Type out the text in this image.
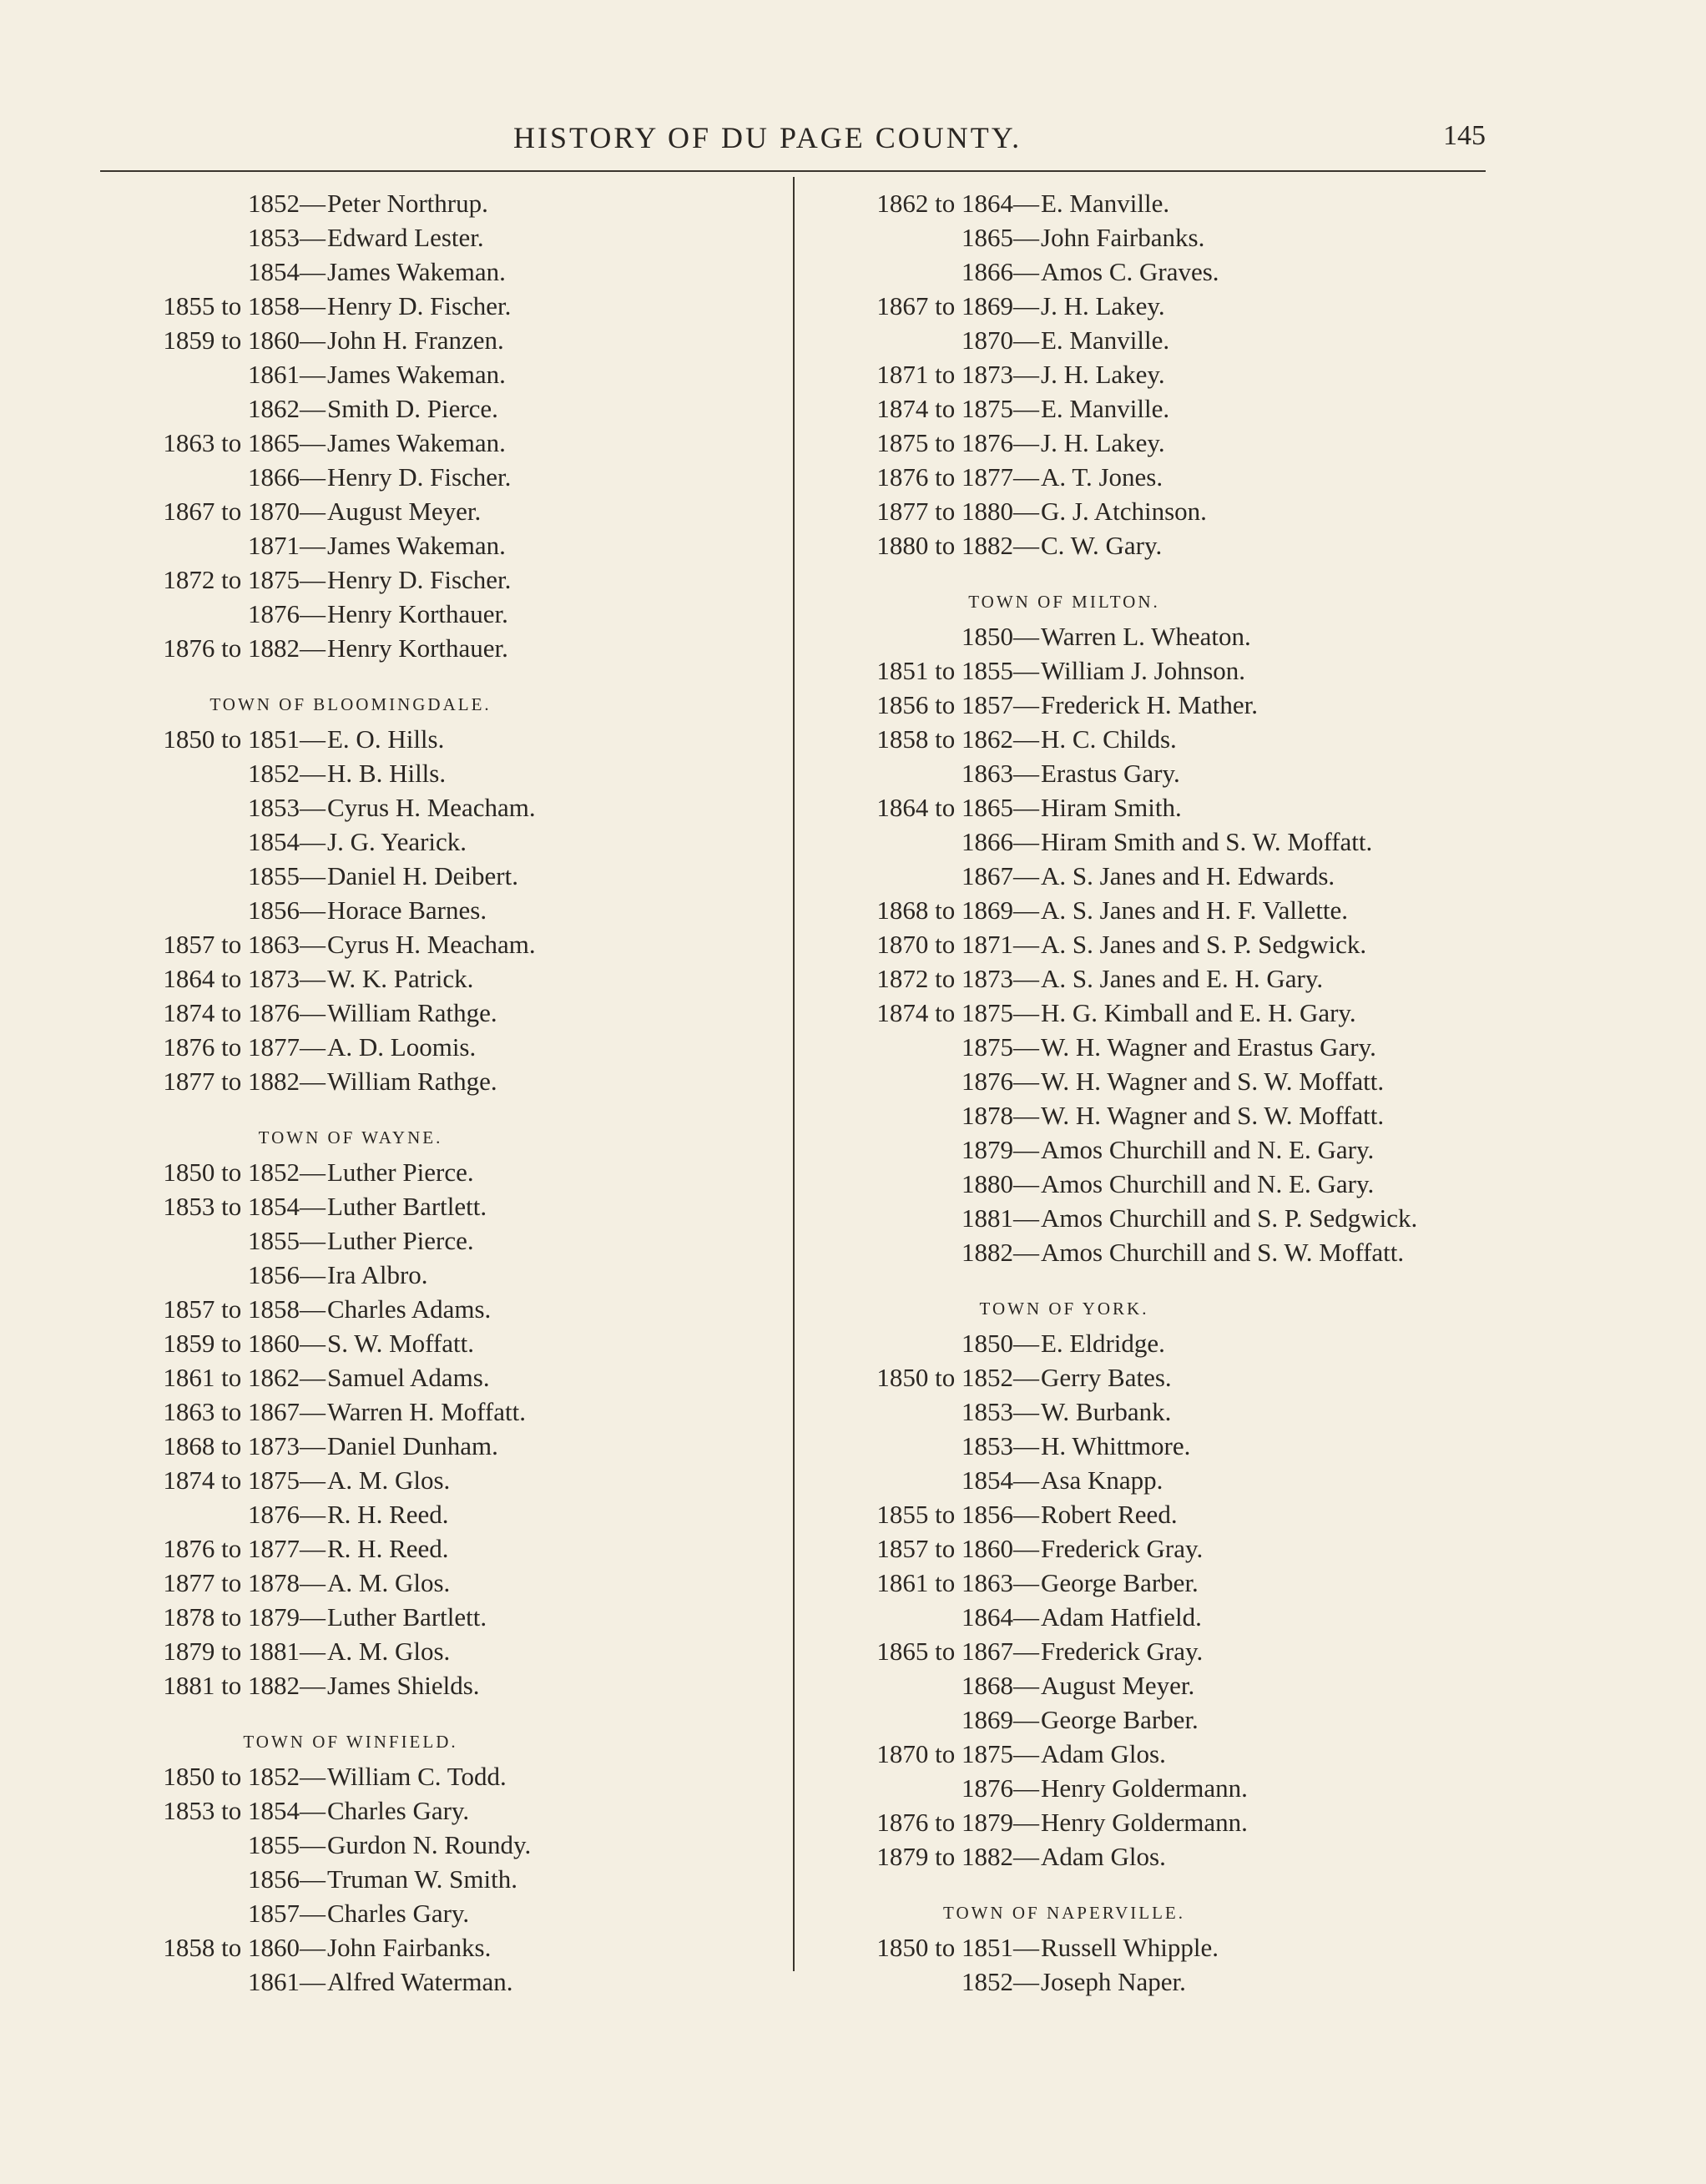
HISTORY OF DU PAGE COUNTY.	145
1852— Peter Northrup.
1853— Edward Lester.
1854— James Wakeman.
1855 to 1858— Henry D. Fischer.
1859 to 1860— John H. Franzen.
1861— James Wakeman.
1862— Smith D. Pierce.
1863 to 1865— James Wakeman.
1866— Henry D. Fischer.
1867 to 1870— August Meyer.
1871— James Wakeman.
1872 to 1875— Henry D. Fischer.
1876— Henry Korthauer.
1876 to 1882— Henry Korthauer.
TOWN OF BLOOMINGDALE.
1850 to 1851— E. O. Hills.
1852— H. B. Hills.
1853— Cyrus H. Meacham.
1854— J. G. Yearick.
1855— Daniel H. Deibert.
1856— Horace Barnes.
1857 to 1863— Cyrus H. Meacham.
1864 to 1873— W. K. Patrick.
1874 to 1876— William Rathge.
1876 to 1877— A. D. Loomis.
1877 to 1882— William Rathge.
TOWN OF WAYNE.
1850 to 1852— Luther Pierce.
1853 to 1854— Luther Bartlett.
1855— Luther Pierce.
1856— Ira Albro.
1857 to 1858— Charles Adams.
1859 to 1860— S. W. Moffatt.
1861 to 1862— Samuel Adams.
1863 to 1867— Warren H. Moffatt.
1868 to 1873— Daniel Dunham.
1874 to 1875— A. M. Glos.
1876— R. H. Reed.
1876 to 1877— R. H. Reed.
1877 to 1878— A. M. Glos.
1878 to 1879— Luther Bartlett.
1879 to 1881— A. M. Glos.
1881 to 1882— James Shields.
TOWN OF WINFIELD.
1850 to 1852— William C. Todd.
1853 to 1854— Charles Gary.
1855— Gurdon N. Roundy.
1856— Truman W. Smith.
1857— Charles Gary.
1858 to 1860— John Fairbanks.
1861— Alfred Waterman.
1862 to 1864— E. Manville.
1865— John Fairbanks.
1866— Amos C. Graves.
1867 to 1869— J. H. Lakey.
1870— E. Manville.
1871 to 1873— J. H. Lakey.
1874 to 1875— E. Manville.
1875 to 1876— J. H. Lakey.
1876 to 1877— A. T. Jones.
1877 to 1880— G. J. Atchinson.
1880 to 1882— C. W. Gary.
TOWN OF MILTON.
1850— Warren L. Wheaton.
1851 to 1855— William J. Johnson.
1856 to 1857— Frederick H. Mather.
1858 to 1862— H. C. Childs.
1863— Erastus Gary.
1864 to 1865— Hiram Smith.
1866— Hiram Smith and S. W. Moffatt.
1867— A. S. Janes and H. Edwards.
1868 to 1869— A. S. Janes and H. F. Vallette.
1870 to 1871— A. S. Janes and S. P. Sedgwick.
1872 to 1873— A. S. Janes and E. H. Gary.
1874 to 1875— H. G. Kimball and E. H. Gary.
1875— W. H. Wagner and Erastus Gary.
1876— W. H. Wagner and S. W. Moffatt.
1878— W. H. Wagner and S. W. Moffatt.
1879— Amos Churchill and N. E. Gary.
1880— Amos Churchill and N. E. Gary.
1881— Amos Churchill and S. P. Sedgwick.
1882— Amos Churchill and S. W. Moffatt.
TOWN OF YORK.
1850— E. Eldridge.
1850 to 1852— Gerry Bates.
1853— W. Burbank.
1853— H. Whittmore.
1854— Asa Knapp.
1855 to 1856— Robert Reed.
1857 to 1860— Frederick Gray.
1861 to 1863— George Barber.
1864— Adam Hatfield.
1865 to 1867— Frederick Gray.
1868— August Meyer.
1869— George Barber.
1870 to 1875— Adam Glos.
1876— Henry Goldermann.
1876 to 1879— Henry Goldermann.
1879 to 1882— Adam Glos.
TOWN OF NAPERVILLE.
1850 to 1851— Russell Whipple.
1852— Joseph Naper.
